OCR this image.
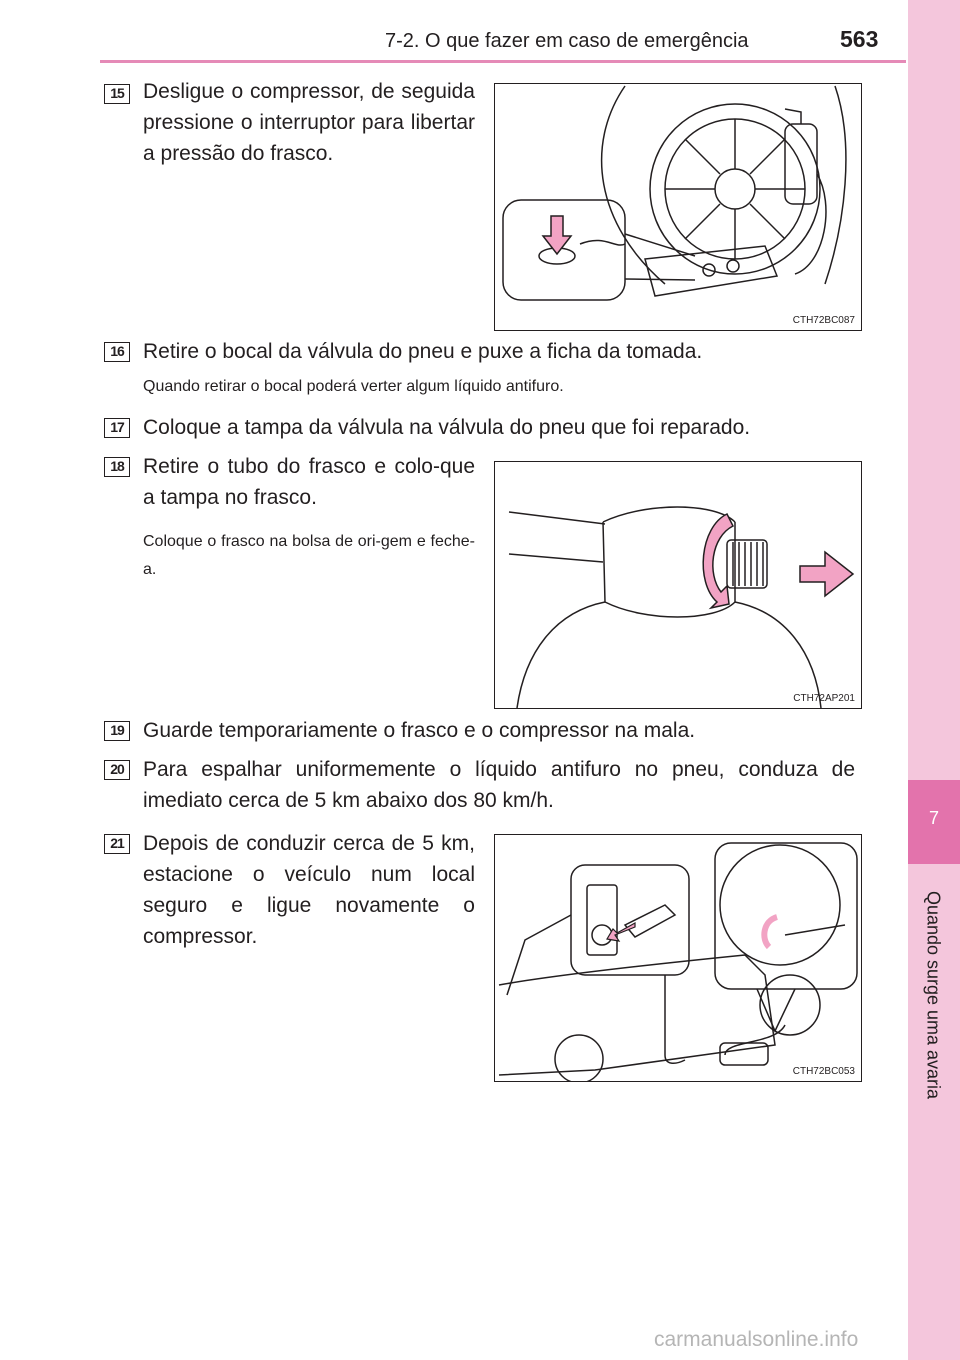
7-2. O que fazer em caso de emergência	563
7
Quando surge uma avaria
15 Desligue o compressor, de seguida pressione o interruptor para libertar a pressão do frasco.
CTH72BC087
16 Retire o bocal da válvula do pneu e puxe a ficha da tomada.
Quando retirar o bocal poderá verter algum líquido antifuro.
17 Coloque a tampa da válvula na válvula do pneu que foi reparado.
18 Retire o tubo do frasco e colo-que a tampa no frasco.
Coloque o frasco na bolsa de ori-gem e feche-a.
CTH72AP201
19 Guarde temporariamente o frasco e o compressor na mala.
20 Para espalhar uniformemente o líquido antifuro no pneu, conduza de imediato cerca de 5 km abaixo dos 80 km/h.
21 Depois de conduzir cerca de 5 km, estacione o veículo num local seguro e ligue novamente o compressor.
CTH72BC053
carmanualsonline.info
